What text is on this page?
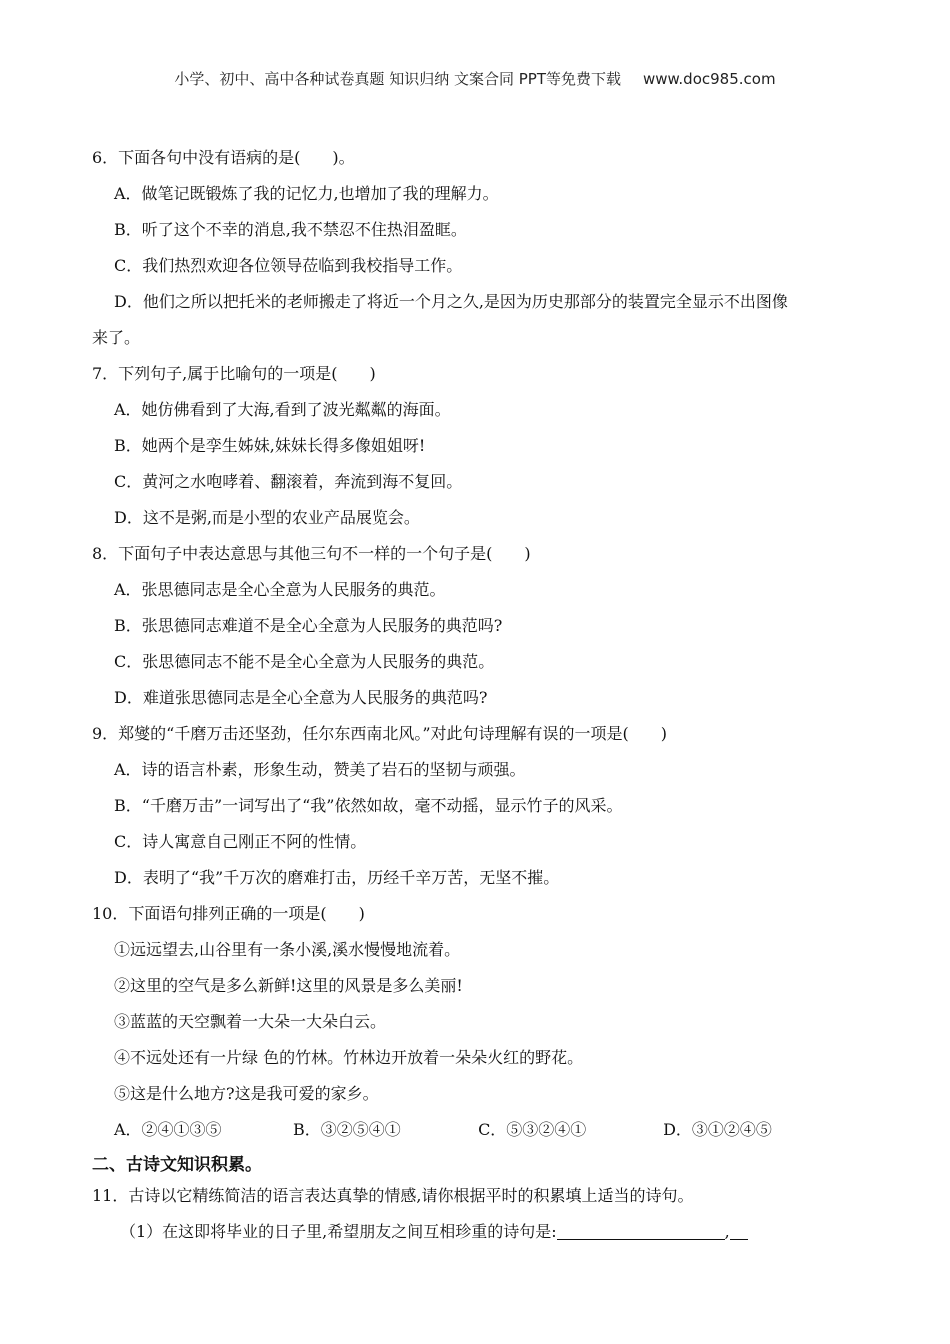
小学、初中、高中各种试卷真题 知识归纳 文案合同 PPT等免费下载 www.doc985.com
6．下面各句中没有语病的是(　　)。
A．做笔记既锻炼了我的记忆力,也增加了我的理解力。
B．听了这个不幸的消息,我不禁忍不住热泪盈眶。
C．我们热烈欢迎各位领导莅临到我校指导工作。
D．他们之所以把托米的老师搬走了将近一个月之久,是因为历史那部分的装置完全显示不出图像
来了。
7．下列句子,属于比喻句的一项是(　　)
A．她仿佛看到了大海,看到了波光粼粼的海面。
B．她两个是孪生姊妹,妹妹长得多像姐姐呀!
C．黄河之水咆哮着、翻滚着，奔流到海不复回。
D．这不是粥,而是小型的农业产品展览会。
8．下面句子中表达意思与其他三句不一样的一个句子是(　　)
A．张思德同志是全心全意为人民服务的典范。
B．张思德同志难道不是全心全意为人民服务的典范吗?
C．张思德同志不能不是全心全意为人民服务的典范。
D．难道张思德同志是全心全意为人民服务的典范吗?
9．郑燮的“千磨万击还坚劲，任尔东西南北风。”对此句诗理解有误的一项是(　　)
A．诗的语言朴素，形象生动，赞美了岩石的坚韧与顽强。
B．“千磨万击”一词写出了“我”依然如故，毫不动摇，显示竹子的风采。
C．诗人寓意自己刚正不阿的性情。
D．表明了“我”千万次的磨难打击，历经千辛万苦，无坚不摧。
10．下面语句排列正确的一项是(　　)
①远远望去,山谷里有一条小溪,溪水慢慢地流着。
②这里的空气是多么新鲜!这里的风景是多么美丽!
③蓝蓝的天空飘着一大朵一大朵白云。
④不远处还有一片绿 色的竹林。竹林边开放着一朵朵火红的野花。
⑤这是什么地方?这是我可爱的家乡。
A．②④①③⑤	B．③②⑤④①	C．⑤③②④①	D．③①②④⑤
二、古诗文知识积累。
11．古诗以它精练简洁的语言表达真挚的情感,请你根据平时的积累填上适当的诗句。
（1）在这即将毕业的日子里,希望朋友之间互相珍重的诗句是:	,
